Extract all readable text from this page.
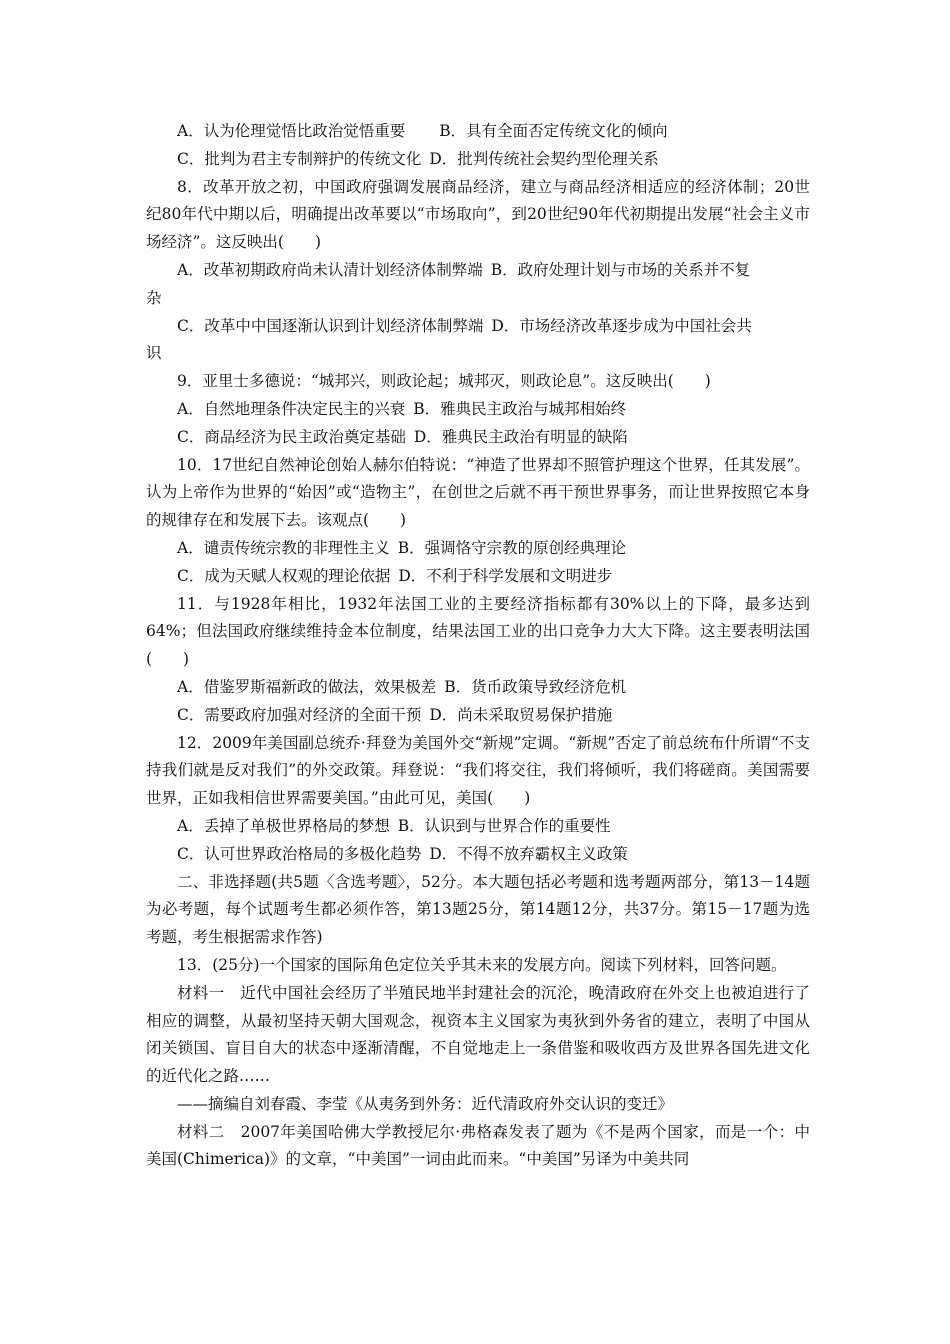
A．认为伦理觉悟比政治觉悟重要 B．具有全面否定传统文化的倾向
C．批判为君主专制辩护的传统文化 D．批判传统社会契约型伦理关系
8．改革开放之初，中国政府强调发展商品经济，建立与商品经济相适应的经济体制；20世纪80年代中期以后，明确提出改革要以“市场取向”，到20世纪90年代初期提出发展“社会主义市场经济”。这反映出(　　)
A．改革初期政府尚未认清计划经济体制弊端 B．政府处理计划与市场的关系并不复
杂
C．改革中中国逐渐认识到计划经济体制弊端 D．市场经济改革逐步成为中国社会共
识
9．亚里士多德说：“城邦兴，则政论起；城邦灭，则政论息”。这反映出(　　)
A．自然地理条件决定民主的兴衰 B．雅典民主政治与城邦相始终
C．商品经济为民主政治奠定基础 D．雅典民主政治有明显的缺陷
10．17世纪自然神论创始人赫尔伯特说：“神造了世界却不照管护理这个世界，任其发展”。认为上帝作为世界的“始因”或“造物主”，在创世之后就不再干预世界事务，而让世界按照它本身的规律存在和发展下去。该观点(　　)
A．谴责传统宗教的非理性主义 B．强调恪守宗教的原创经典理论
C．成为天赋人权观的理论依据 D．不利于科学发展和文明进步
11．与1928年相比，1932年法国工业的主要经济指标都有30%以上的下降，最多达到64%；但法国政府继续维持金本位制度，结果法国工业的出口竞争力大大下降。这主要表明法国(　　)
A．借鉴罗斯福新政的做法，效果极差 B．货币政策导致经济危机
C．需要政府加强对经济的全面干预 D．尚未采取贸易保护措施
12．2009年美国副总统乔·拜登为美国外交“新规”定调。“新规”否定了前总统布什所谓“不支持我们就是反对我们”的外交政策。拜登说：“我们将交往，我们将倾听，我们将磋商。美国需要世界，正如我相信世界需要美国。”由此可见，美国(　　)
A．丢掉了单极世界格局的梦想 B．认识到与世界合作的重要性
C．认可世界政治格局的多极化趋势 D．不得不放弃霸权主义政策
二、非选择题(共5题〈含选考题〉，52分。本大题包括必考题和选考题两部分，第13－14题为必考题，每个试题考生都必须作答，第13题25分，第14题12分，共37分。第15－17题为选考题，考生根据需求作答)
13．(25分)一个国家的国际角色定位关乎其未来的发展方向。阅读下列材料，回答问题。
材料一　近代中国社会经历了半殖民地半封建社会的沉沦，晚清政府在外交上也被迫进行了相应的调整，从最初坚持天朝大国观念，视资本主义国家为夷狄到外务省的建立，表明了中国从闭关锁国、盲目自大的状态中逐渐清醒，不自觉地走上一条借鉴和吸收西方及世界各国先进文化的近代化之路……
——摘编自刘春霞、李莹《从夷务到外务：近代清政府外交认识的变迁》
材料二　2007年美国哈佛大学教授尼尔·弗格森发表了题为《不是两个国家，而是一个：中美国(Chimerica)》的文章，“中美国”一词由此而来。“中美国”另译为中美共同
